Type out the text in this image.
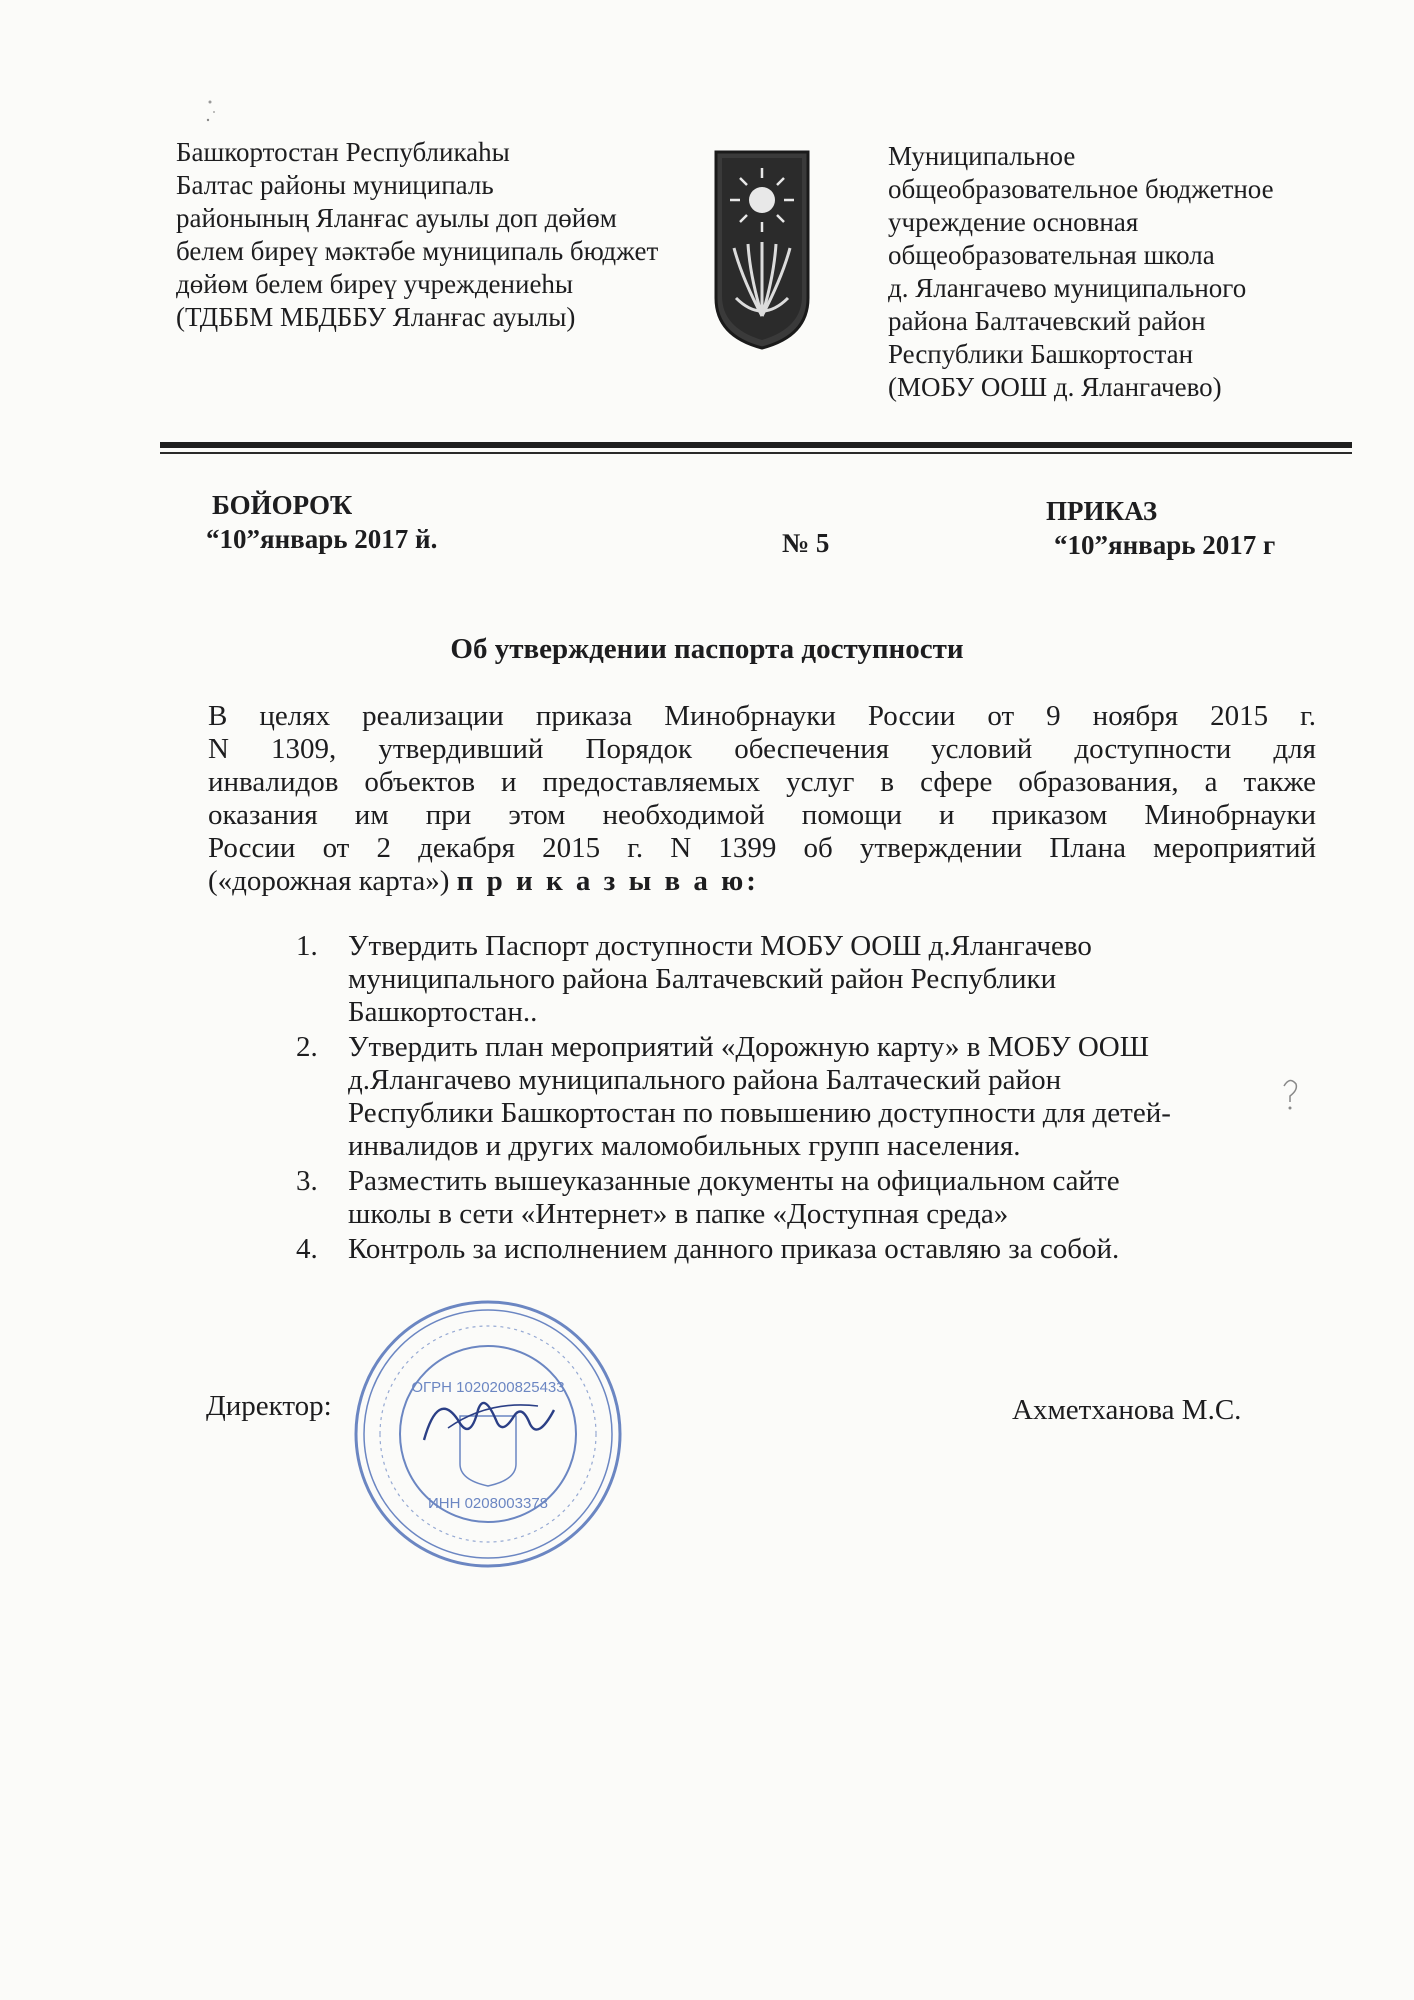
Башкортостан Республикаһы
Балтас районы муниципаль
районының Яланғас ауылы доп дөйөм
белем биреү мәктәбе муниципаль бюджет
дөйөм белем биреү учреждениеһы
(ТДББМ МБДББУ Яланғас ауылы)
Муниципальное
общеобразовательное бюджетное
учреждение основная
общеобразовательная школа
д. Ялангачево муниципального
района Балтачевский район
Республики Башкортостан
(МОБУ ООШ д. Ялангачево)
БОЙОРОҠ
“10”январь 2017 й.	№ 5
ПРИКАЗ
“10”январь 2017 г
Об утверждении паспорта доступности
В целях реализации приказа Минобрнауки России от 9 ноября 2015 г.
N 1309, утвердивший Порядок обеспечения условий доступности для
инвалидов объектов и предоставляемых услуг в сфере образования, а также
оказания им при этом необходимой помощи и приказом Минобрнауки
России от 2 декабря 2015 г. N 1399 об утверждении Плана мероприятий
(«дорожная карта») п р и к а з ы в а ю:
1.	Утвердить Паспорт доступности МОБУ ООШ д.Ялангачево
муниципального района Балтачевский район Республики
Башкортостан..
2.	Утвердить план мероприятий «Дорожную карту» в МОБУ ООШ
д.Ялангачево муниципального района Балтаческий район
Республики Башкортостан по повышению доступности для детей-
инвалидов и других маломобильных групп населения.
3.	Разместить вышеуказанные документы на официальном сайте
школы в сети «Интернет» в папке «Доступная среда»
4.	Контроль за исполнением данного приказа оставляю за собой.
Директор:	Ахметханова М.С.
ОГРН 1020200825433
ИНН 0208003378
